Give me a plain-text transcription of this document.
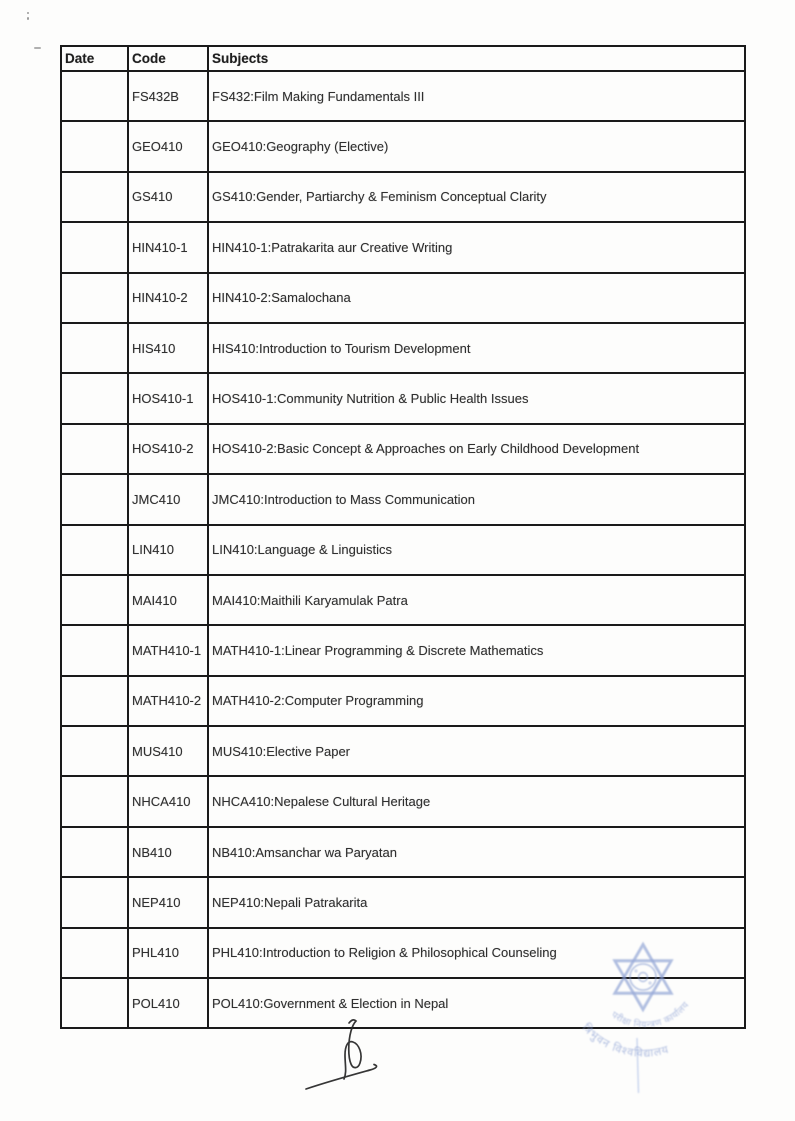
Date	Code	Subjects
	FS432B	FS432:Film Making Fundamentals III
	GEO410	GEO410:Geography (Elective)
	GS410	GS410:Gender, Partiarchy & Feminism Conceptual Clarity
	HIN410-1	HIN410-1:Patrakarita aur Creative Writing
	HIN410-2	HIN410-2:Samalochana
	HIS410	HIS410:Introduction to Tourism Development
	HOS410-1	HOS410-1:Community Nutrition & Public Health Issues
	HOS410-2	HOS410-2:Basic Concept & Approaches on Early Childhood Development
	JMC410	JMC410:Introduction to Mass Communication
	LIN410	LIN410:Language & Linguistics
	MAI410	MAI410:Maithili Karyamulak Patra
	MATH410-1	MATH410-1:Linear Programming & Discrete Mathematics
	MATH410-2	MATH410-2:Computer Programming
	MUS410	MUS410:Elective Paper
	NHCA410	NHCA410:Nepalese Cultural Heritage
	NB410	NB410:Amsanchar wa Paryatan
	NEP410	NEP410:Nepali Patrakarita
	PHL410	PHL410:Introduction to Religion & Philosophical Counseling
	POL410	POL410:Government & Election in Nepal
त्रिभुवन विश्वविद्यालय
परीक्षा नियन्त्रण कार्यालय
